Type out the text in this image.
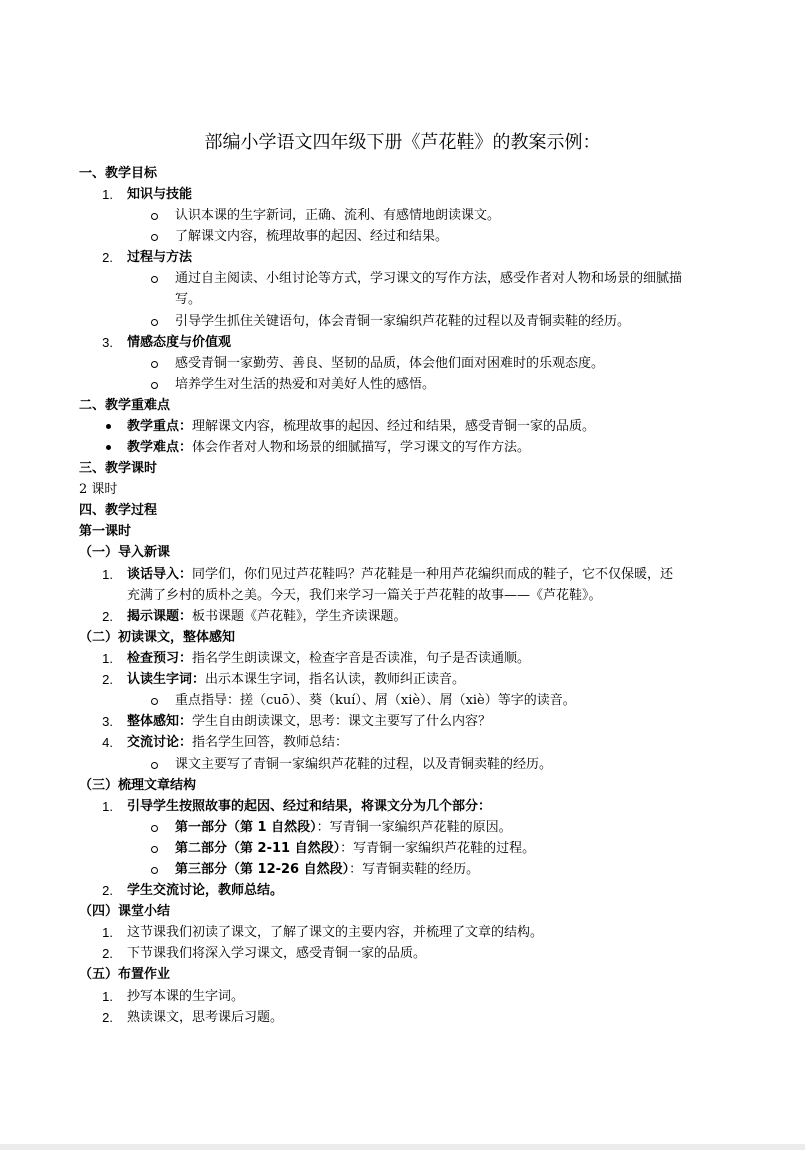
部编小学语文四年级下册《芦花鞋》的教案示例：
一、教学目标
1. 知识与技能
认识本课的生字新词，正确、流利、有感情地朗读课文。
了解课文内容，梳理故事的起因、经过和结果。
2. 过程与方法
通过自主阅读、小组讨论等方式，学习课文的写作方法，感受作者对人物和场景的细腻描
写。
引导学生抓住关键语句，体会青铜一家编织芦花鞋的过程以及青铜卖鞋的经历。
3. 情感态度与价值观
感受青铜一家勤劳、善良、坚韧的品质，体会他们面对困难时的乐观态度。
培养学生对生活的热爱和对美好人性的感悟。
二、教学重难点
教学重点：理解课文内容，梳理故事的起因、经过和结果，感受青铜一家的品质。
教学难点：体会作者对人物和场景的细腻描写，学习课文的写作方法。
三、教学课时
2 课时
四、教学过程
第一课时
（一）导入新课
1. 谈话导入：同学们，你们见过芦花鞋吗？芦花鞋是一种用芦花编织而成的鞋子，它不仅保暖，还
充满了乡村的质朴之美。今天，我们来学习一篇关于芦花鞋的故事——《芦花鞋》。
2. 揭示课题：板书课题《芦花鞋》，学生齐读课题。
（二）初读课文，整体感知
1. 检查预习：指名学生朗读课文，检查字音是否读准，句子是否读通顺。
2. 认读生字词：出示本课生字词，指名认读，教师纠正读音。
重点指导：搓（cuō）、葵（kuí）、屑（xiè）、屑（xiè）等字的读音。
3. 整体感知：学生自由朗读课文，思考：课文主要写了什么内容？
4. 交流讨论：指名学生回答，教师总结：
课文主要写了青铜一家编织芦花鞋的过程，以及青铜卖鞋的经历。
（三）梳理文章结构
1. 引导学生按照故事的起因、经过和结果，将课文分为几个部分：
第一部分（第 1 自然段）：写青铜一家编织芦花鞋的原因。
第二部分（第 2-11 自然段）：写青铜一家编织芦花鞋的过程。
第三部分（第 12-26 自然段）：写青铜卖鞋的经历。
2. 学生交流讨论，教师总结。
（四）课堂小结
1. 这节课我们初读了课文，了解了课文的主要内容，并梳理了文章的结构。
2. 下节课我们将深入学习课文，感受青铜一家的品质。
（五）布置作业
1. 抄写本课的生字词。
2. 熟读课文，思考课后习题。
